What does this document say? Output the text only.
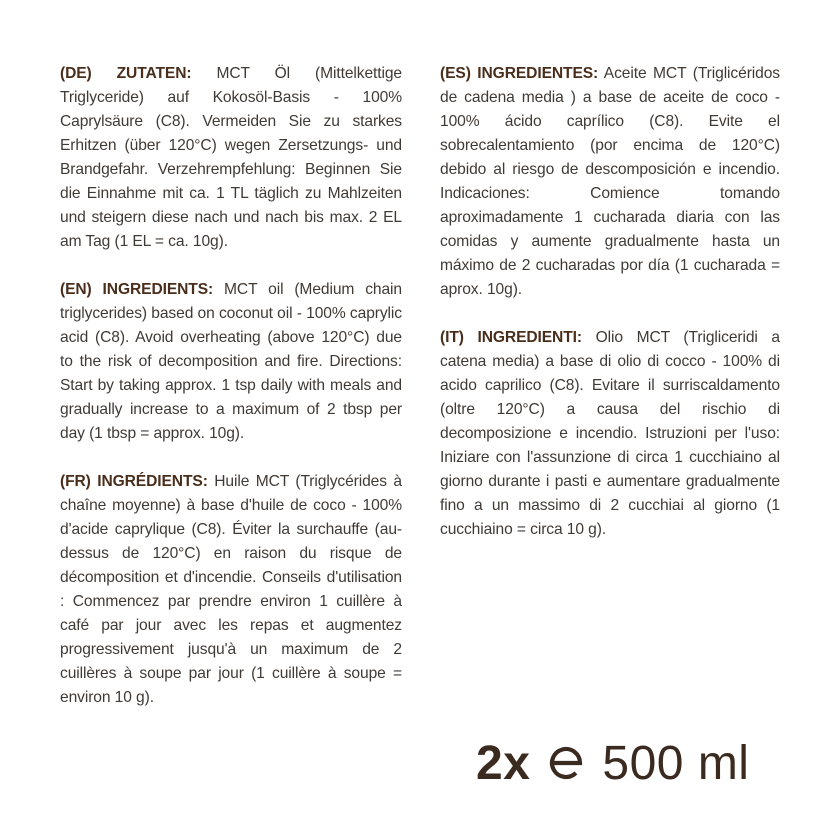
(DE) ZUTATEN: MCT Öl (Mittelkettige Triglyceride) auf Kokosöl-Basis - 100% Caprylsäure (C8). Vermeiden Sie zu starkes Erhitzen (über 120°C) wegen Zersetzungs- und Brandgefahr. Verzehrempfehlung: Beginnen Sie die Einnahme mit ca. 1 TL täglich zu Mahlzeiten und steigern diese nach und nach bis max. 2 EL am Tag (1 EL = ca. 10g).

(EN) INGREDIENTS: MCT oil (Medium chain triglycerides) based on coconut oil - 100% caprylic acid (C8). Avoid overheating (above 120°C) due to the risk of decomposition and fire. Directions: Start by taking approx. 1 tsp daily with meals and gradually increase to a maximum of 2 tbsp per day (1 tbsp = approx. 10g).

(FR) INGRÉDIENTS: Huile MCT (Triglycérides à chaîne moyenne) à base d'huile de coco - 100% d'acide caprylique (C8). Éviter la surchauffe (au-dessus de 120°C) en raison du risque de décomposition et d'incendie. Conseils d'utilisation : Commencez par prendre environ 1 cuillère à café par jour avec les repas et augmentez progressivement jusqu'à un maximum de 2 cuillères à soupe par jour (1 cuillère à soupe = environ 10 g).

(ES) INGREDIENTES: Aceite MCT (Triglicéridos de cadena media ) a base de aceite de coco - 100% ácido caprílico (C8). Evite el sobrecalentamiento (por encima de 120°C) debido al riesgo de descomposición e incendio. Indicaciones: Comience tomando aproximadamente 1 cucharada diaria con las comidas y aumente gradualmente hasta un máximo de 2 cucharadas por día (1 cucharada = aprox. 10g).

(IT) INGREDIENTI: Olio MCT (Trigliceridi a catena media) a base di olio di cocco - 100% di acido caprilico (C8). Evitare il surriscaldamento (oltre 120°C) a causa del rischio di decomposizione e incendio. Istruzioni per l'uso: Iniziare con l'assunzione di circa 1 cucchiaino al giorno durante i pasti e aumentare gradualmente fino a un massimo di 2 cucchiai al giorno (1 cucchiaino = circa 10 g).

2x 500 ml
